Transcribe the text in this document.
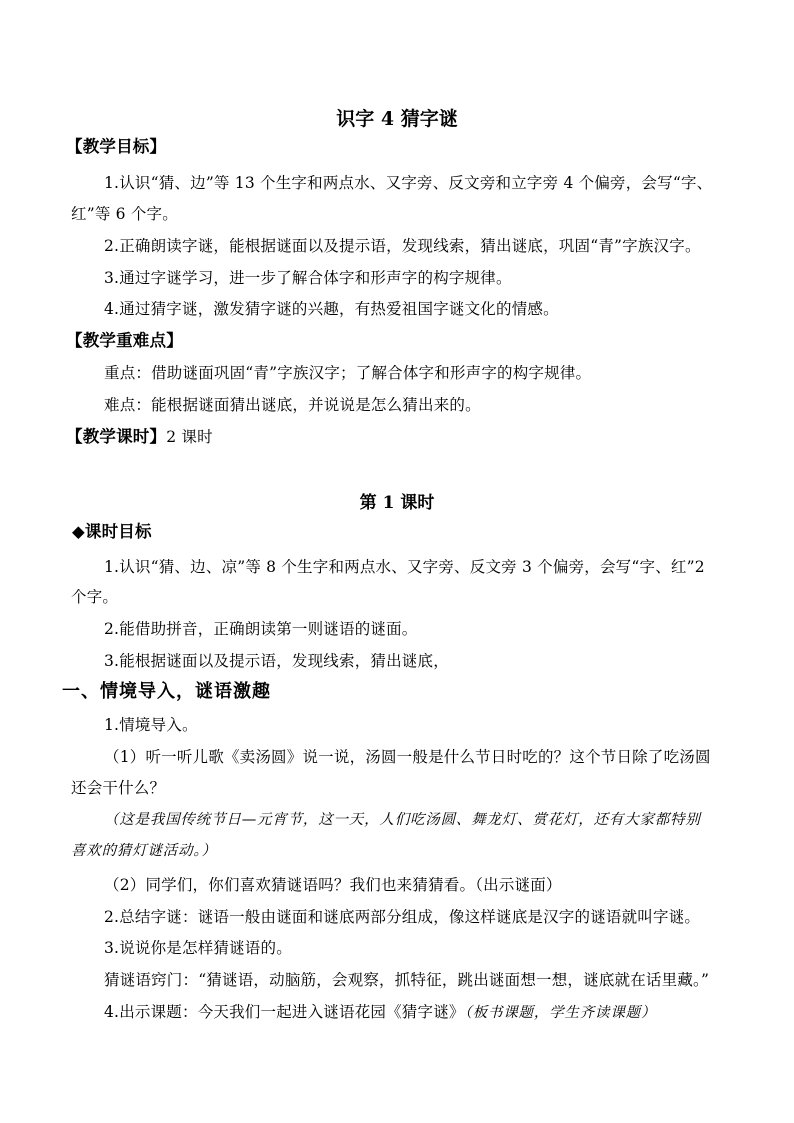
识字 4 猜字谜
【教学目标】
1.认识“猜、边”等 13 个生字和两点水、又字旁、反文旁和立字旁 4 个偏旁，会写“字、
红”等 6 个字。
2.正确朗读字谜，能根据谜面以及提示语，发现线索，猜出谜底，巩固“青”字族汉字。
3.通过字谜学习，进一步了解合体字和形声字的构字规律。
4.通过猜字谜，激发猜字谜的兴趣，有热爱祖国字谜文化的情感。
【教学重难点】
重点：借助谜面巩固“青”字族汉字；了解合体字和形声字的构字规律。
难点：能根据谜面猜出谜底，并说说是怎么猜出来的。
【教学课时】2 课时
第 1 课时
◆课时目标
1.认识“猜、边、凉”等 8 个生字和两点水、又字旁、反文旁 3 个偏旁，会写“字、红”2
个字。
2.能借助拼音，正确朗读第一则谜语的谜面。
3.能根据谜面以及提示语，发现线索，猜出谜底，
一、情境导入，谜语激趣
1.情境导入。
（1）听一听儿歌《卖汤圆》说一说，汤圆一般是什么节日时吃的？这个节日除了吃汤圆
还会干什么？
（这是我国传统节日—元宵节，这一天，人们吃汤圆、舞龙灯、赏花灯，还有大家都特别
喜欢的猜灯谜活动。）
（2）同学们，你们喜欢猜谜语吗？我们也来猜猜看。（出示谜面）
2.总结字谜：谜语一般由谜面和谜底两部分组成，像这样谜底是汉字的谜语就叫字谜。
3.说说你是怎样猜谜语的。
猜谜语窍门：“猜谜语，动脑筋，会观察，抓特征，跳出谜面想一想，谜底就在话里藏。”
4.出示课题：今天我们一起进入谜语花园《猜字谜》（板书课题，学生齐读课题）
